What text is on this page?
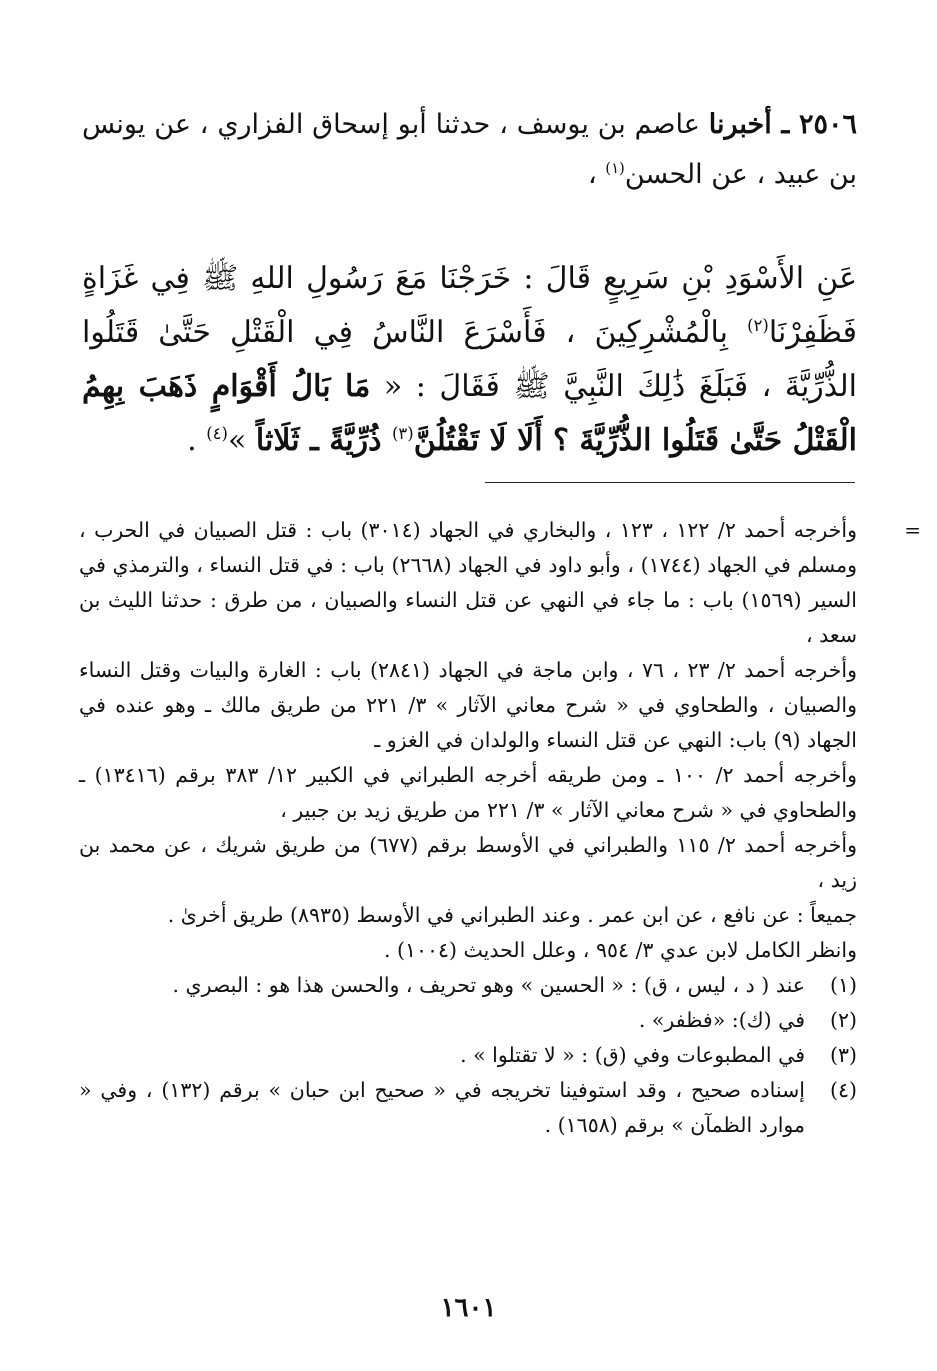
٢٥٠٦ ـ أخبرنا عاصم بن يوسف ، حدثنا أبو إسحاق الفزاري ، عن يونس بن عبيد ، عن الحسن$^{(١)}$ ،
عَنِ الأَسْوَدِ بْنِ سَرِيعٍ قَالَ : خَرَجْنَا مَعَ رَسُولِ اللهِ ﷺ فِي غَزَاةٍ فَظَفِرْنَا$^{(٢)}$ بِالْمُشْرِكِينَ ، فَأَسْرَعَ النَّاسُ فِي الْقَتْلِ حَتَّىٰ قَتَلُوا الذُّرِّيَّةَ ، فَبَلَغَ ذَٰلِكَ النَّبِيَّ ﷺ فَقَالَ : « مَا بَالُ أَقْوَامٍ ذَهَبَ بِهِمُ الْقَتْلُ حَتَّىٰ قَتَلُوا الذُّرِّيَّةَ ؟ أَلَا لَا تَقْتُلُنَّ$^{(٣)}$ ذُرِّيَّةً ـ ثَلَاثاً »$^{(٤)}$ .
=

وأخرجه أحمد ٢/ ١٢٢ ، ١٢٣ ، والبخاري في الجهاد (٣٠١٤) باب : قتل الصبيان في الحرب ، ومسلم في الجهاد (١٧٤٤) ، وأبو داود في الجهاد (٢٦٦٨) باب : في قتل النساء ، والترمذي في السير (١٥٦٩) باب : ما جاء في النهي عن قتل النساء والصبيان ، من طرق : حدثنا الليث بن سعد ،

وأخرجه أحمد ٢/ ٢٣ ، ٧٦ ، وابن ماجة في الجهاد (٢٨٤١) باب : الغارة والبيات وقتل النساء والصبيان ، والطحاوي في « شرح معاني الآثار » ٣/ ٢٢١ من طريق مالك ـ وهو عنده في الجهاد (٩) باب: النهي عن قتل النساء والولدان في الغزو ـ

وأخرجه أحمد ٢/ ١٠٠ ـ ومن طريقه أخرجه الطبراني في الكبير ١٢/ ٣٨٣ برقم (١٣٤١٦) ـ والطحاوي في « شرح معاني الآثار » ٣/ ٢٢١ من طريق زيد بن جبير ،

وأخرجه أحمد ٢/ ١١٥ والطبراني في الأوسط برقم (٦٧٧) من طريق شريك ، عن محمد بن زيد ،

جميعاً : عن نافع ، عن ابن عمر . وعند الطبراني في الأوسط (٨٩٣٥) طريق أخرىٰ .

وانظر الكامل لابن عدي ٣/ ٩٥٤ ، وعلل الحديث (١٠٠٤) .

(١)
عند ( د ، ليس ، ق) : « الحسين » وهو تحريف ، والحسن هذا هو : البصري .
(٢)
في (ك): «فظفر» .
(٣)
في المطبوعات وفي (ق) : « لا تقتلوا » .
(٤)
إسناده صحيح ، وقد استوفينا تخريجه في « صحيح ابن حبان » برقم (١٣٢) ، وفي « موارد الظمآن » برقم (١٦٥٨) .
١٦٠١
